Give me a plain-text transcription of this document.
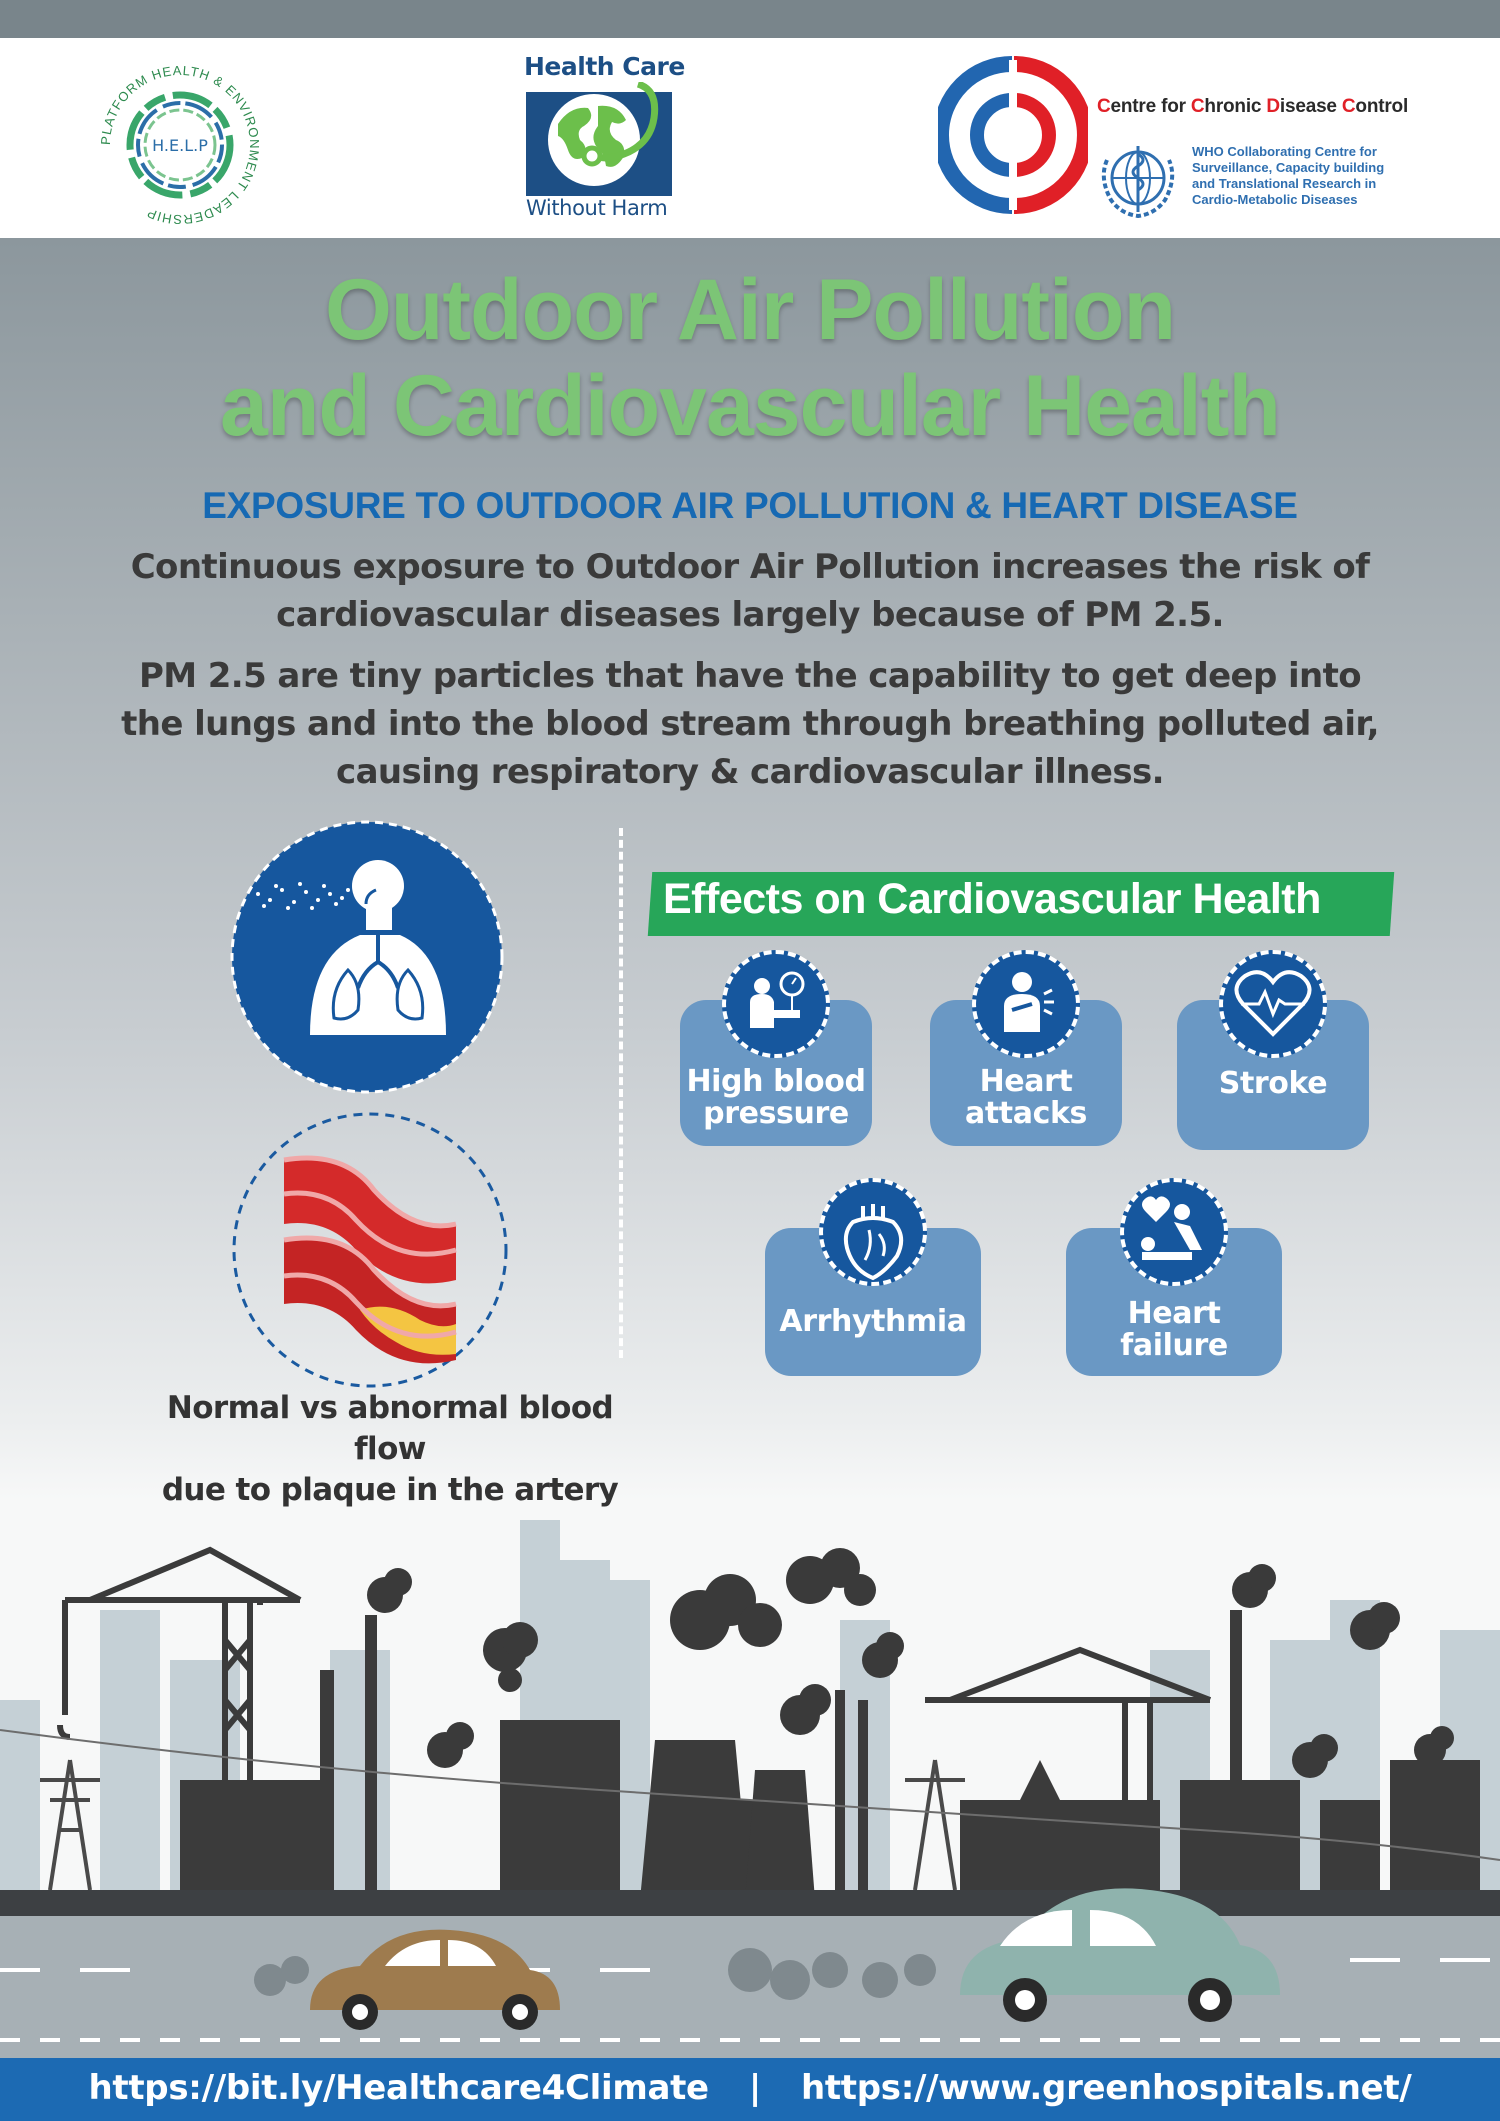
PLATFORM HEALTH & ENVIRONMENT LEADERSHIP
H.E.L.P
Health Care
Without Harm
Centre for Chronic Disease Control
WHO Collaborating Centre for
Surveillance, Capacity building
and Translational Research in
Cardio-Metabolic Diseases
Outdoor Air Pollution
and Cardiovascular Health
EXPOSURE TO OUTDOOR AIR POLLUTION & HEART DISEASE
Continuous exposure to Outdoor Air Pollution increases the risk of
cardiovascular diseases largely because of PM 2.5.
PM 2.5 are tiny particles that have the capability to get deep into
the lungs and into the blood stream through breathing polluted air,
causing respiratory & cardiovascular illness.
Normal vs abnormal blood flow
due to plaque in the artery
Effects on Cardiovascular Health
High blood
pressure
Heart
attacks
Stroke
Arrhythmia	Heart
failure
https://bit.ly/Healthcare4Climate | https://www.greenhospitals.net/
